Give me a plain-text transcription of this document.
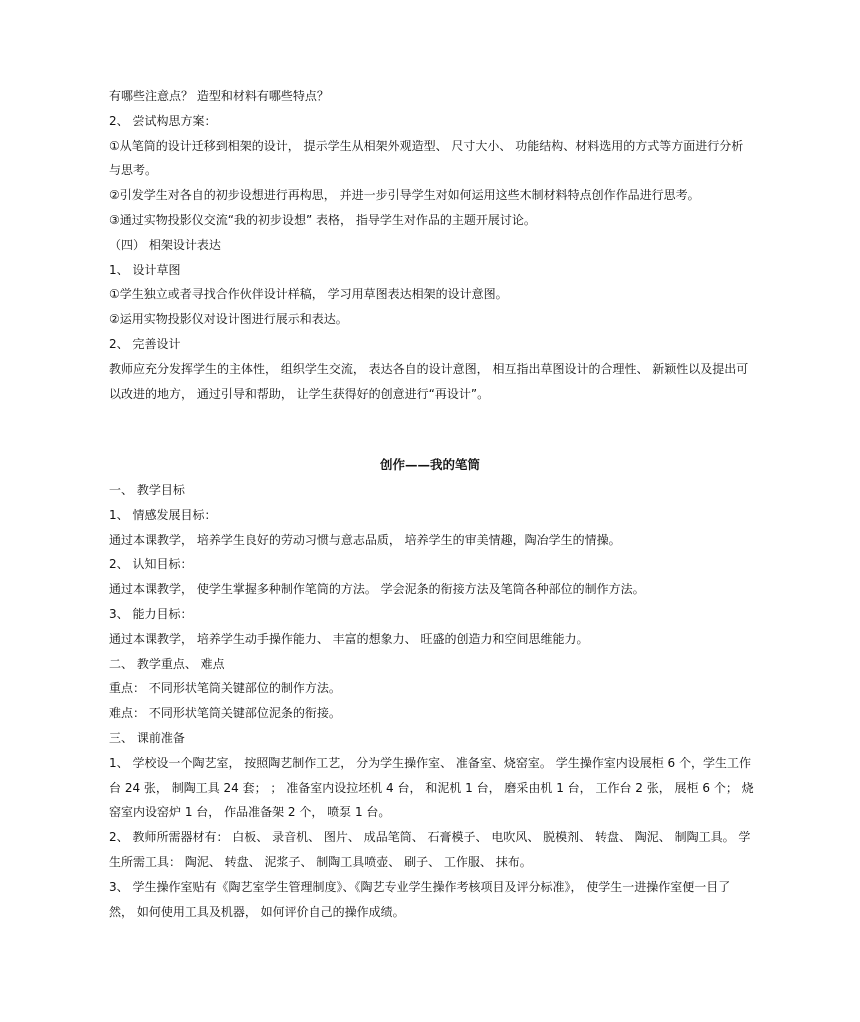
有哪些注意点？ 造型和材料有哪些特点？

2、 尝试构思方案：

①从笔筒的设计迁移到相架的设计， 提示学生从相架外观造型、 尺寸大小、 功能结构、材料选用的方式等方面进行分析与思考。

②引发学生对各自的初步设想进行再构思， 并进一步引导学生对如何运用这些木制材料特点创作作品进行思考。

③通过实物投影仪交流“我的初步设想” 表格， 指导学生对作品的主题开展讨论。

（四） 相架设计表达

1、 设计草图

①学生独立或者寻找合作伙伴设计样稿， 学习用草图表达相架的设计意图。

②运用实物投影仪对设计图进行展示和表达。

2、 完善设计

教师应充分发挥学生的主体性， 组织学生交流， 表达各自的设计意图， 相互指出草图设计的合理性、 新颖性以及提出可以改进的地方， 通过引导和帮助， 让学生获得好的创意进行“再设计”。

创作——我的笔筒

一、 教学目标

1、 情感发展目标：

通过本课教学， 培养学生良好的劳动习惯与意志品质， 培养学生的审美情趣，陶冶学生的情操。

2、 认知目标：

通过本课教学， 使学生掌握多种制作笔筒的方法。 学会泥条的衔接方法及笔筒各种部位的制作方法。

3、 能力目标：

通过本课教学， 培养学生动手操作能力、 丰富的想象力、 旺盛的创造力和空间思维能力。

二、 教学重点、 难点

重点： 不同形状笔筒关键部位的制作方法。

难点： 不同形状笔筒关键部位泥条的衔接。

三、 课前准备

1、 学校设一个陶艺室， 按照陶艺制作工艺， 分为学生操作室、 准备室、烧窑室。 学生操作室内设展柜 6 个，学生工作台 24 张， 制陶工具 24 套； ； 准备室内设拉坯机 4 台， 和泥机 1 台， 磨采由机 1 台， 工作台 2 张， 展柜 6 个； 烧窑室内设窑炉 1 台， 作品准备架 2 个， 喷泵 1 台。

2、 教师所需器材有： 白板、 录音机、 图片、 成品笔筒、 石膏模子、 电吹风、 脱模剂、 转盘、 陶泥、 制陶工具。 学生所需工具： 陶泥、 转盘、 泥浆子、 制陶工具喷壶、 刷子、 工作服、 抹布。

3、 学生操作室贴有《陶艺室学生管理制度》、《陶艺专业学生操作考核项目及评分标准》， 使学生一进操作室便一目了然， 如何使用工具及机器， 如何评价自己的操作成绩。
